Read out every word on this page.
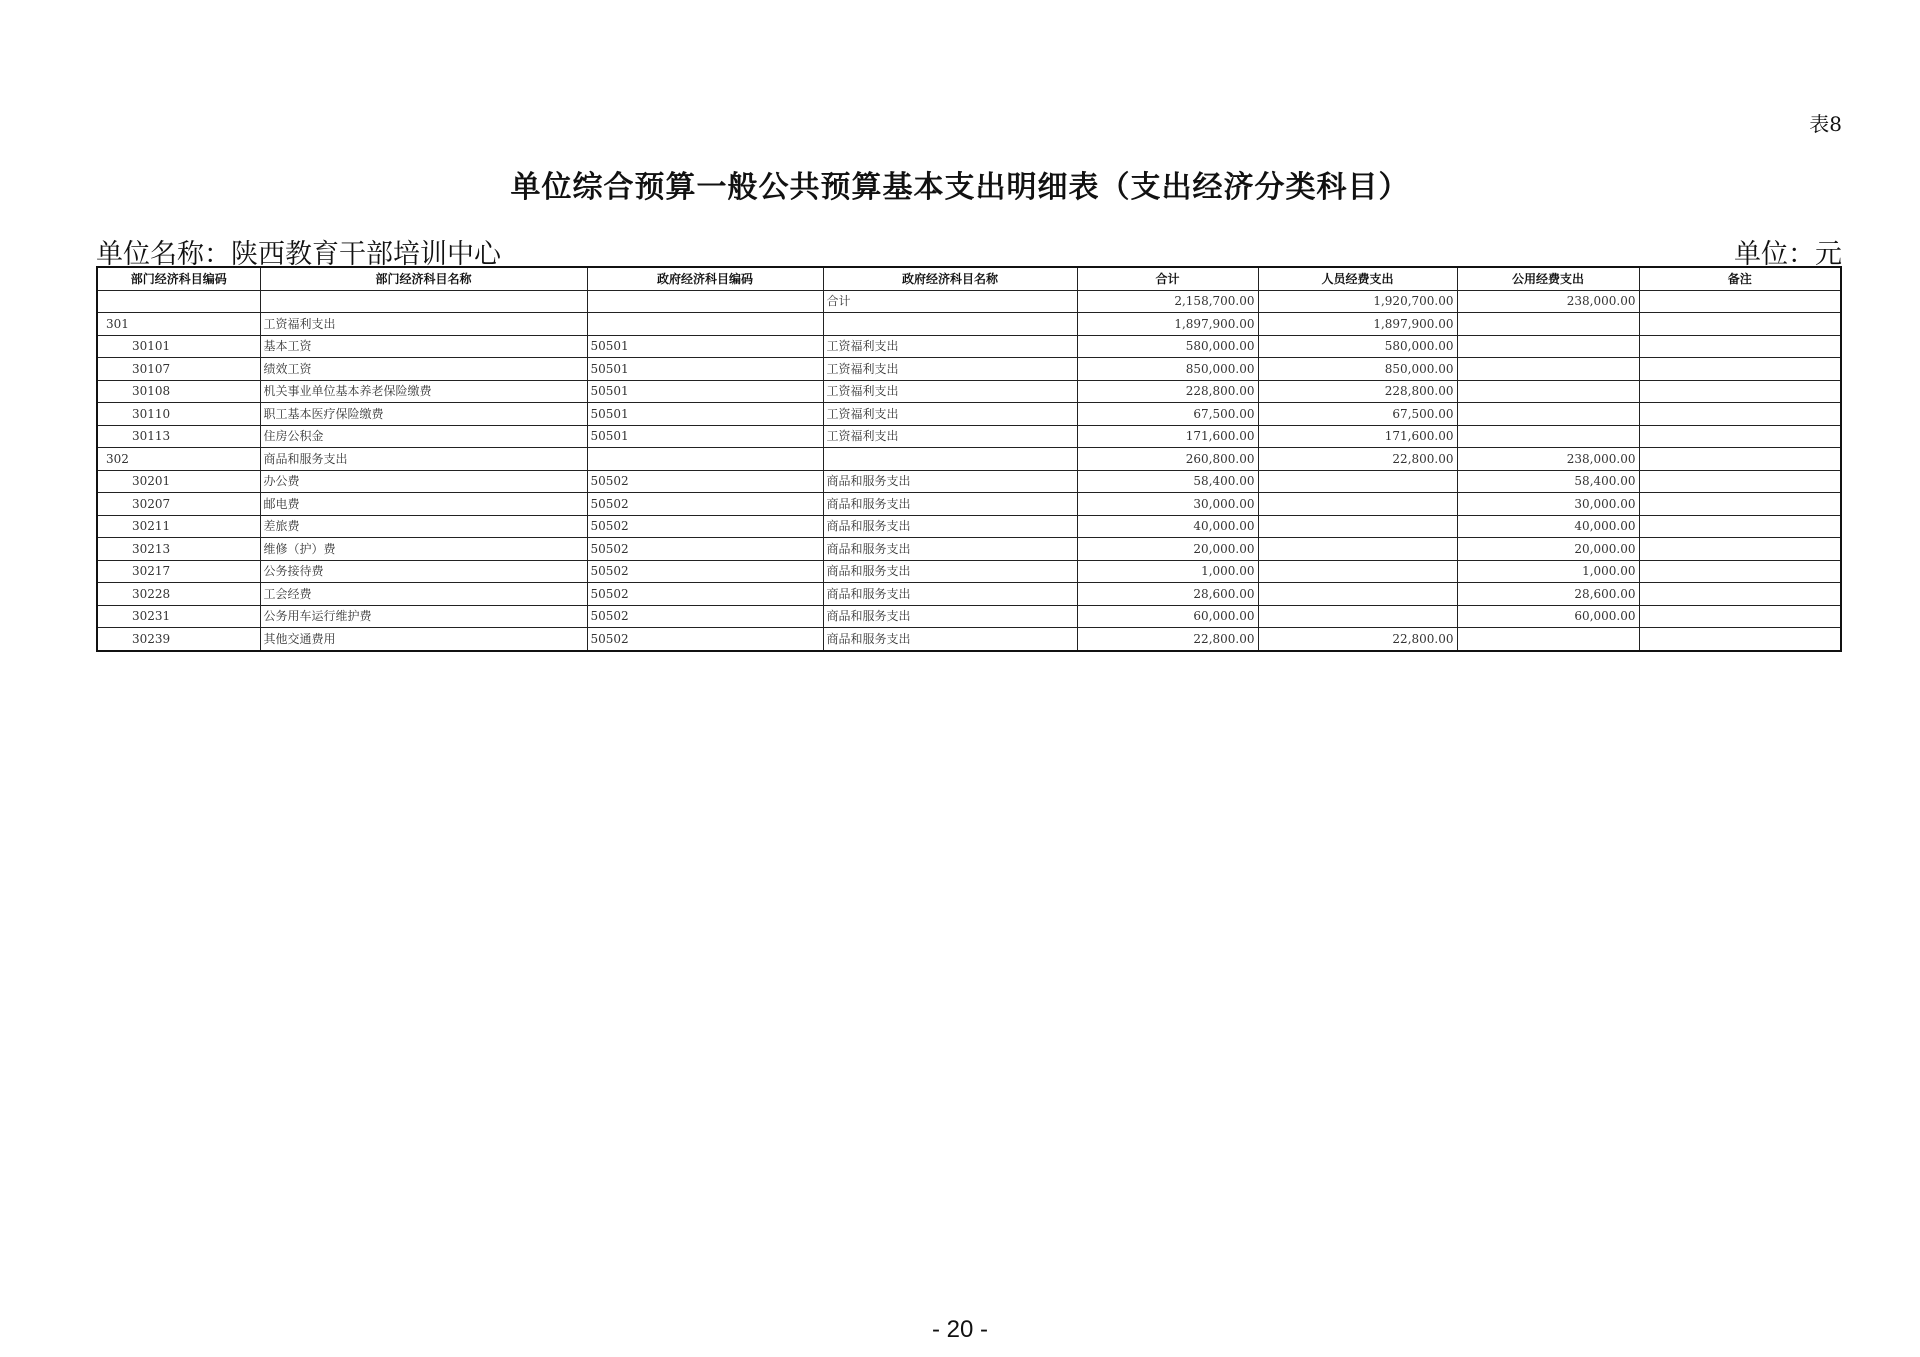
表8
单位综合预算一般公共预算基本支出明细表（支出经济分类科目）
单位名称：陕西教育干部培训中心	单位：元
部门经济科目编码	部门经济科目名称	政府经济科目编码	政府经济科目名称	合计	人员经费支出	公用经费支出	备注
			合计	2,158,700.00	1,920,700.00	238,000.00	
301	工资福利支出			1,897,900.00	1,897,900.00		
30101	基本工资	50501	工资福利支出	580,000.00	580,000.00		
30107	绩效工资	50501	工资福利支出	850,000.00	850,000.00		
30108	机关事业单位基本养老保险缴费	50501	工资福利支出	228,800.00	228,800.00		
30110	职工基本医疗保险缴费	50501	工资福利支出	67,500.00	67,500.00		
30113	住房公积金	50501	工资福利支出	171,600.00	171,600.00		
302	商品和服务支出			260,800.00	22,800.00	238,000.00	
30201	办公费	50502	商品和服务支出	58,400.00		58,400.00	
30207	邮电费	50502	商品和服务支出	30,000.00		30,000.00	
30211	差旅费	50502	商品和服务支出	40,000.00		40,000.00	
30213	维修（护）费	50502	商品和服务支出	20,000.00		20,000.00	
30217	公务接待费	50502	商品和服务支出	1,000.00		1,000.00	
30228	工会经费	50502	商品和服务支出	28,600.00		28,600.00	
30231	公务用车运行维护费	50502	商品和服务支出	60,000.00		60,000.00	
30239	其他交通费用	50502	商品和服务支出	22,800.00	22,800.00		
- 20 -
